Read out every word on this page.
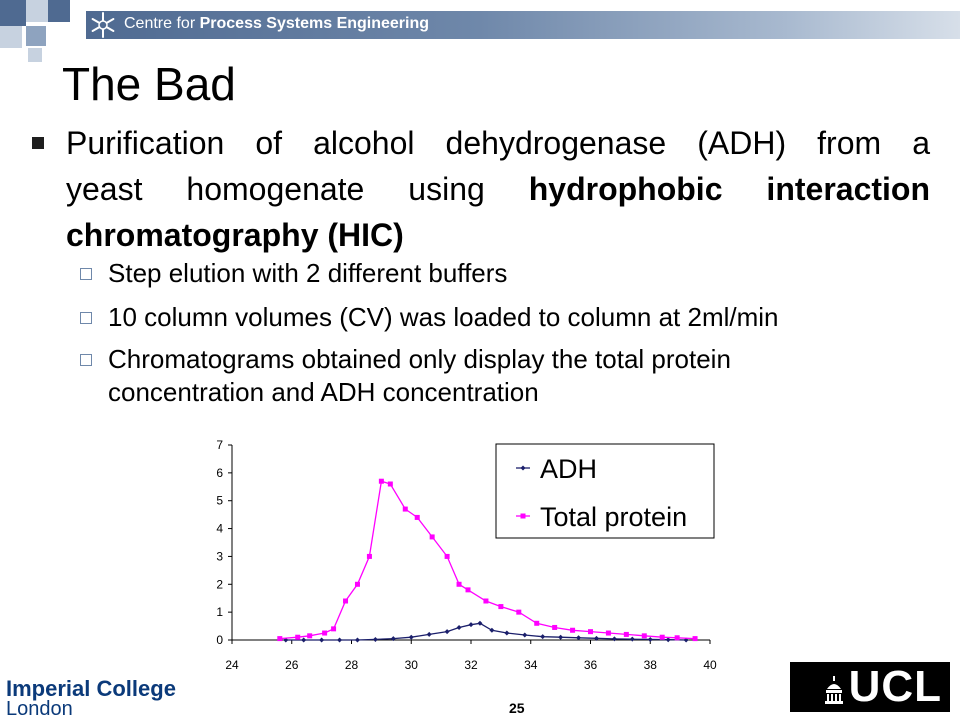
Centre for Process Systems Engineering
The Bad
Purification of alcohol dehydrogenase (ADH) from a
yeast homogenate using hydrophobic interaction
chromatography (HIC)
Step elution with 2 different buffers
10 column volumes (CV) was loaded to column at 2ml/min
Chromatograms obtained only display the total protein
concentration and ADH concentration
0
1
2
3
4
5
6
7
24	26	28	30	32	34	36	38	40
ADH
Total protein
Imperial College
London	25	UCL
